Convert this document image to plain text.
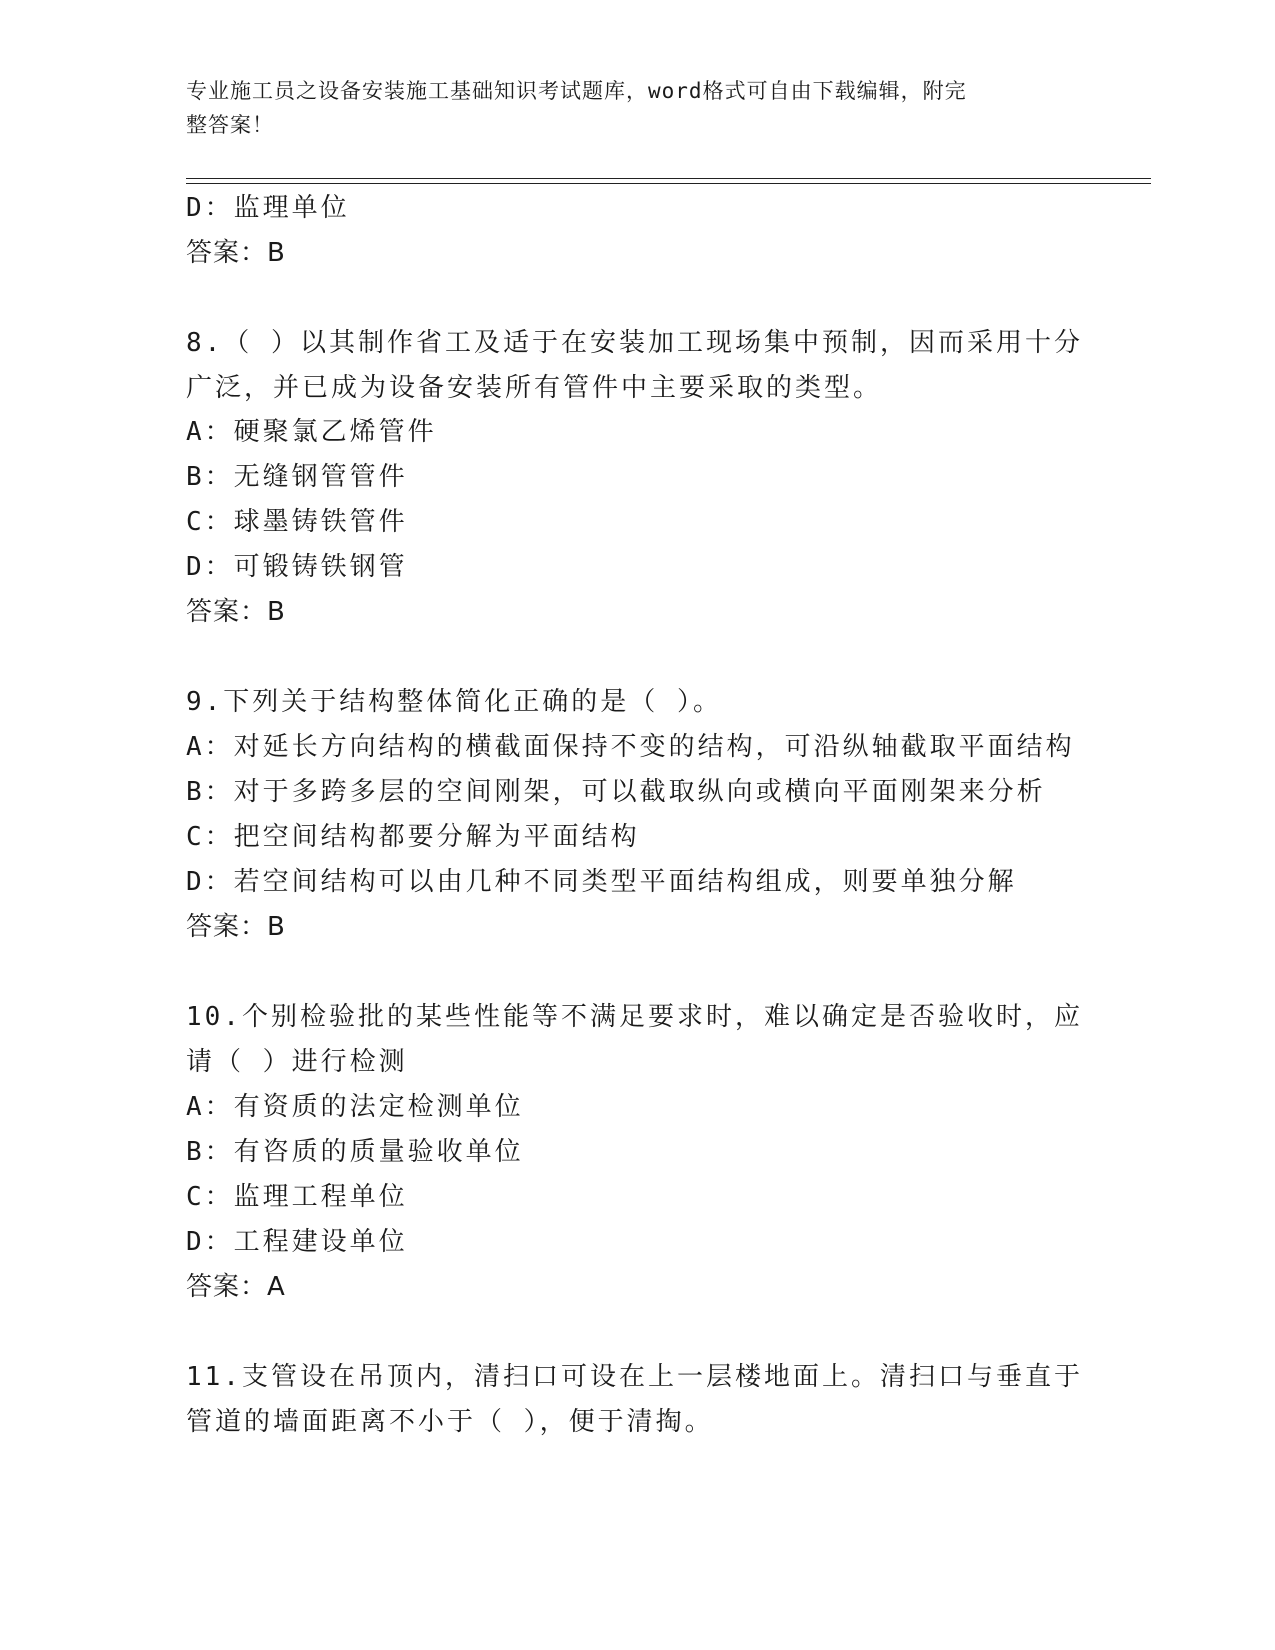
专业施工员之设备安装施工基础知识考试题库，word格式可自由下载编辑，附完
整答案！
D：监理单位
答案：B
8.（ ）以其制作省工及适于在安装加工现场集中预制，因而采用十分
广泛，并已成为设备安装所有管件中主要采取的类型。
A：硬聚氯乙烯管件
B：无缝钢管管件
C：球墨铸铁管件
D：可锻铸铁钢管
答案：B
9.下列关于结构整体简化正确的是（ ）。
A：对延长方向结构的横截面保持不变的结构，可沿纵轴截取平面结构
B：对于多跨多层的空间刚架，可以截取纵向或横向平面刚架来分析
C：把空间结构都要分解为平面结构
D：若空间结构可以由几种不同类型平面结构组成，则要单独分解
答案：B
10.个别检验批的某些性能等不满足要求时，难以确定是否验收时，应
请（ ）进行检测
A：有资质的法定检测单位
B：有咨质的质量验收单位
C：监理工程单位
D：工程建设单位
答案：A
11.支管设在吊顶内，清扫口可设在上一层楼地面上。清扫口与垂直于
管道的墙面距离不小于（ ），便于清掏。
